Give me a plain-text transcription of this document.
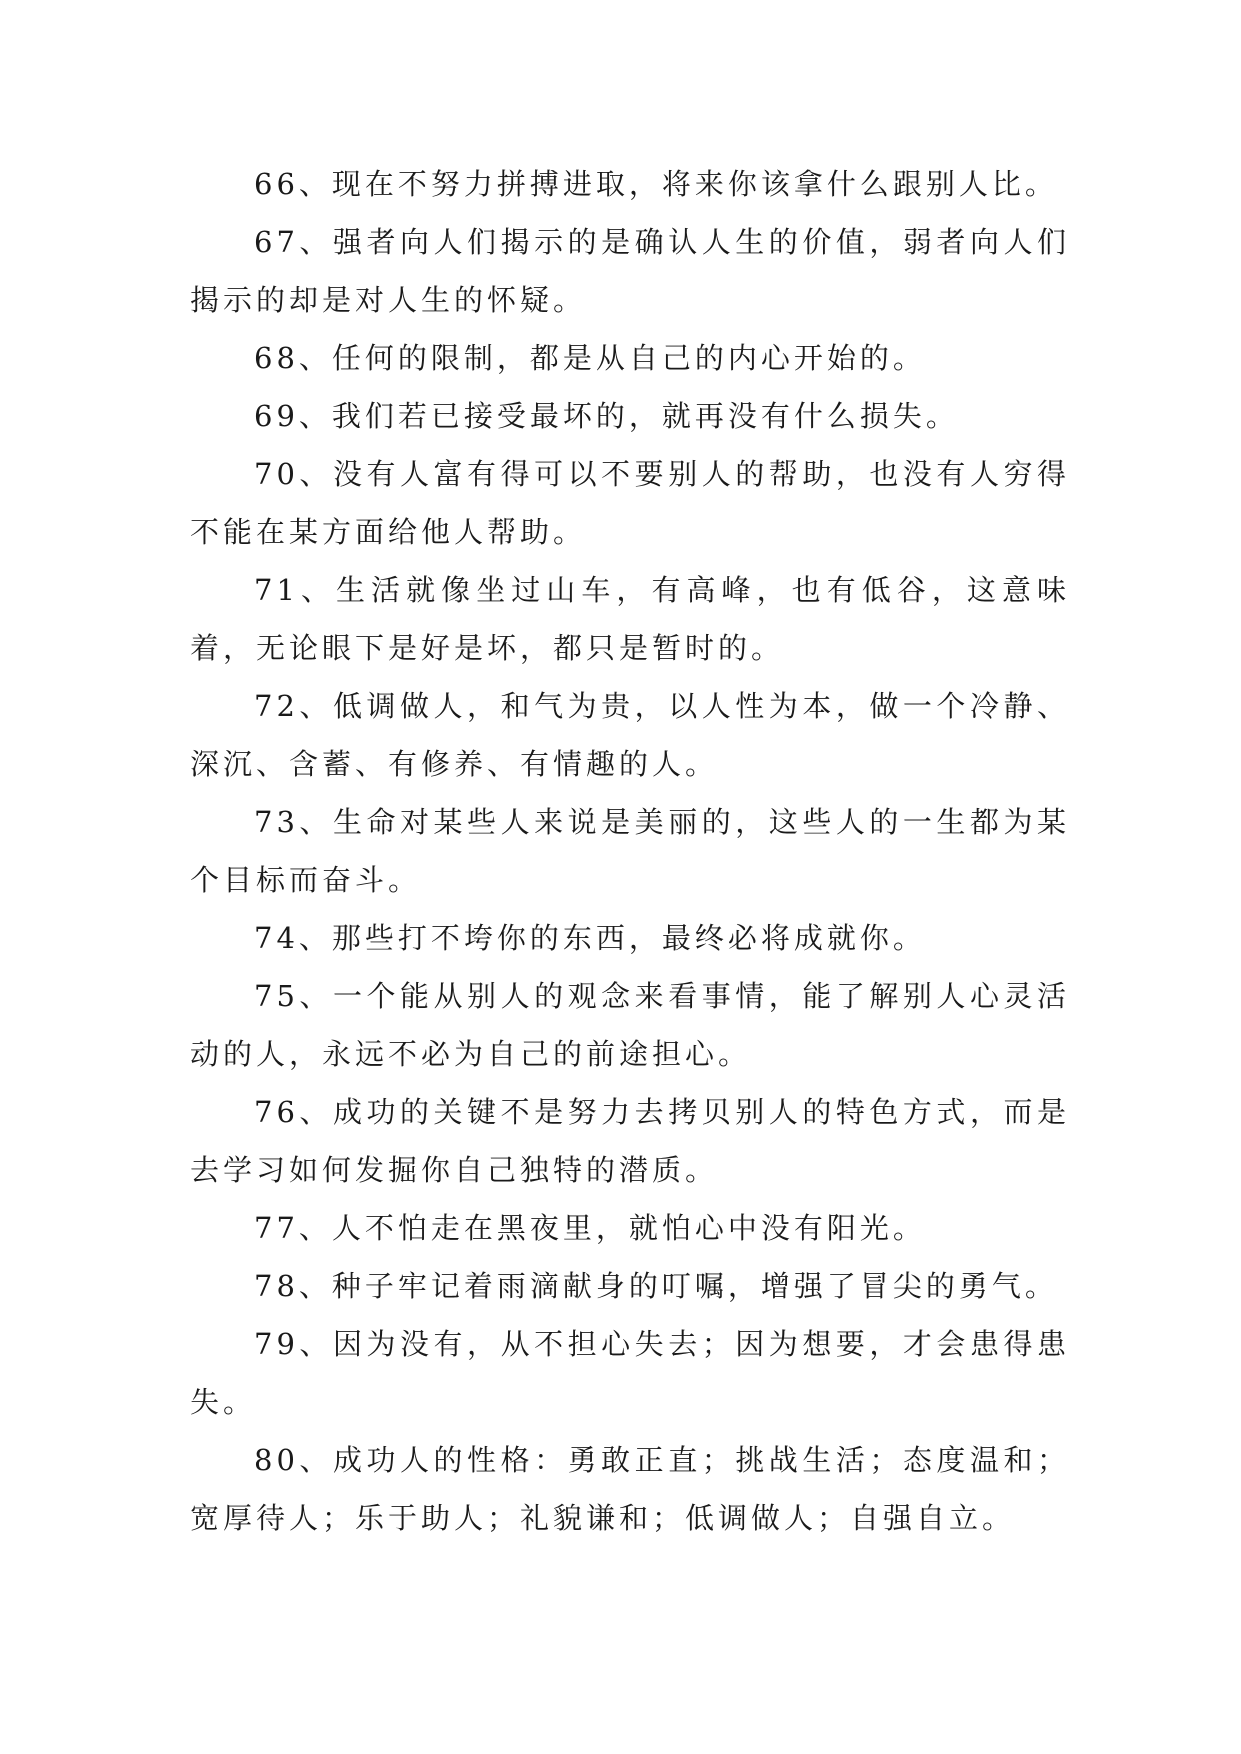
66、现在不努力拼搏进取，将来你该拿什么跟别人比。

67、强者向人们揭示的是确认人生的价值，弱者向人们揭示的却是对人生的怀疑。

68、任何的限制，都是从自己的内心开始的。

69、我们若已接受最坏的，就再没有什么损失。

70、没有人富有得可以不要别人的帮助，也没有人穷得不能在某方面给他人帮助。

71、生活就像坐过山车，有高峰，也有低谷，这意味着，无论眼下是好是坏，都只是暂时的。

72、低调做人，和气为贵，以人性为本，做一个冷静、深沉、含蓄、有修养、有情趣的人。

73、生命对某些人来说是美丽的，这些人的一生都为某个目标而奋斗。

74、那些打不垮你的东西，最终必将成就你。

75、一个能从别人的观念来看事情，能了解别人心灵活动的人，永远不必为自己的前途担心。

76、成功的关键不是努力去拷贝别人的特色方式，而是去学习如何发掘你自己独特的潜质。

77、人不怕走在黑夜里，就怕心中没有阳光。

78、种子牢记着雨滴献身的叮嘱，增强了冒尖的勇气。

79、因为没有，从不担心失去；因为想要，才会患得患失。

80、成功人的性格：勇敢正直；挑战生活；态度温和；宽厚待人；乐于助人；礼貌谦和；低调做人；自强自立。
